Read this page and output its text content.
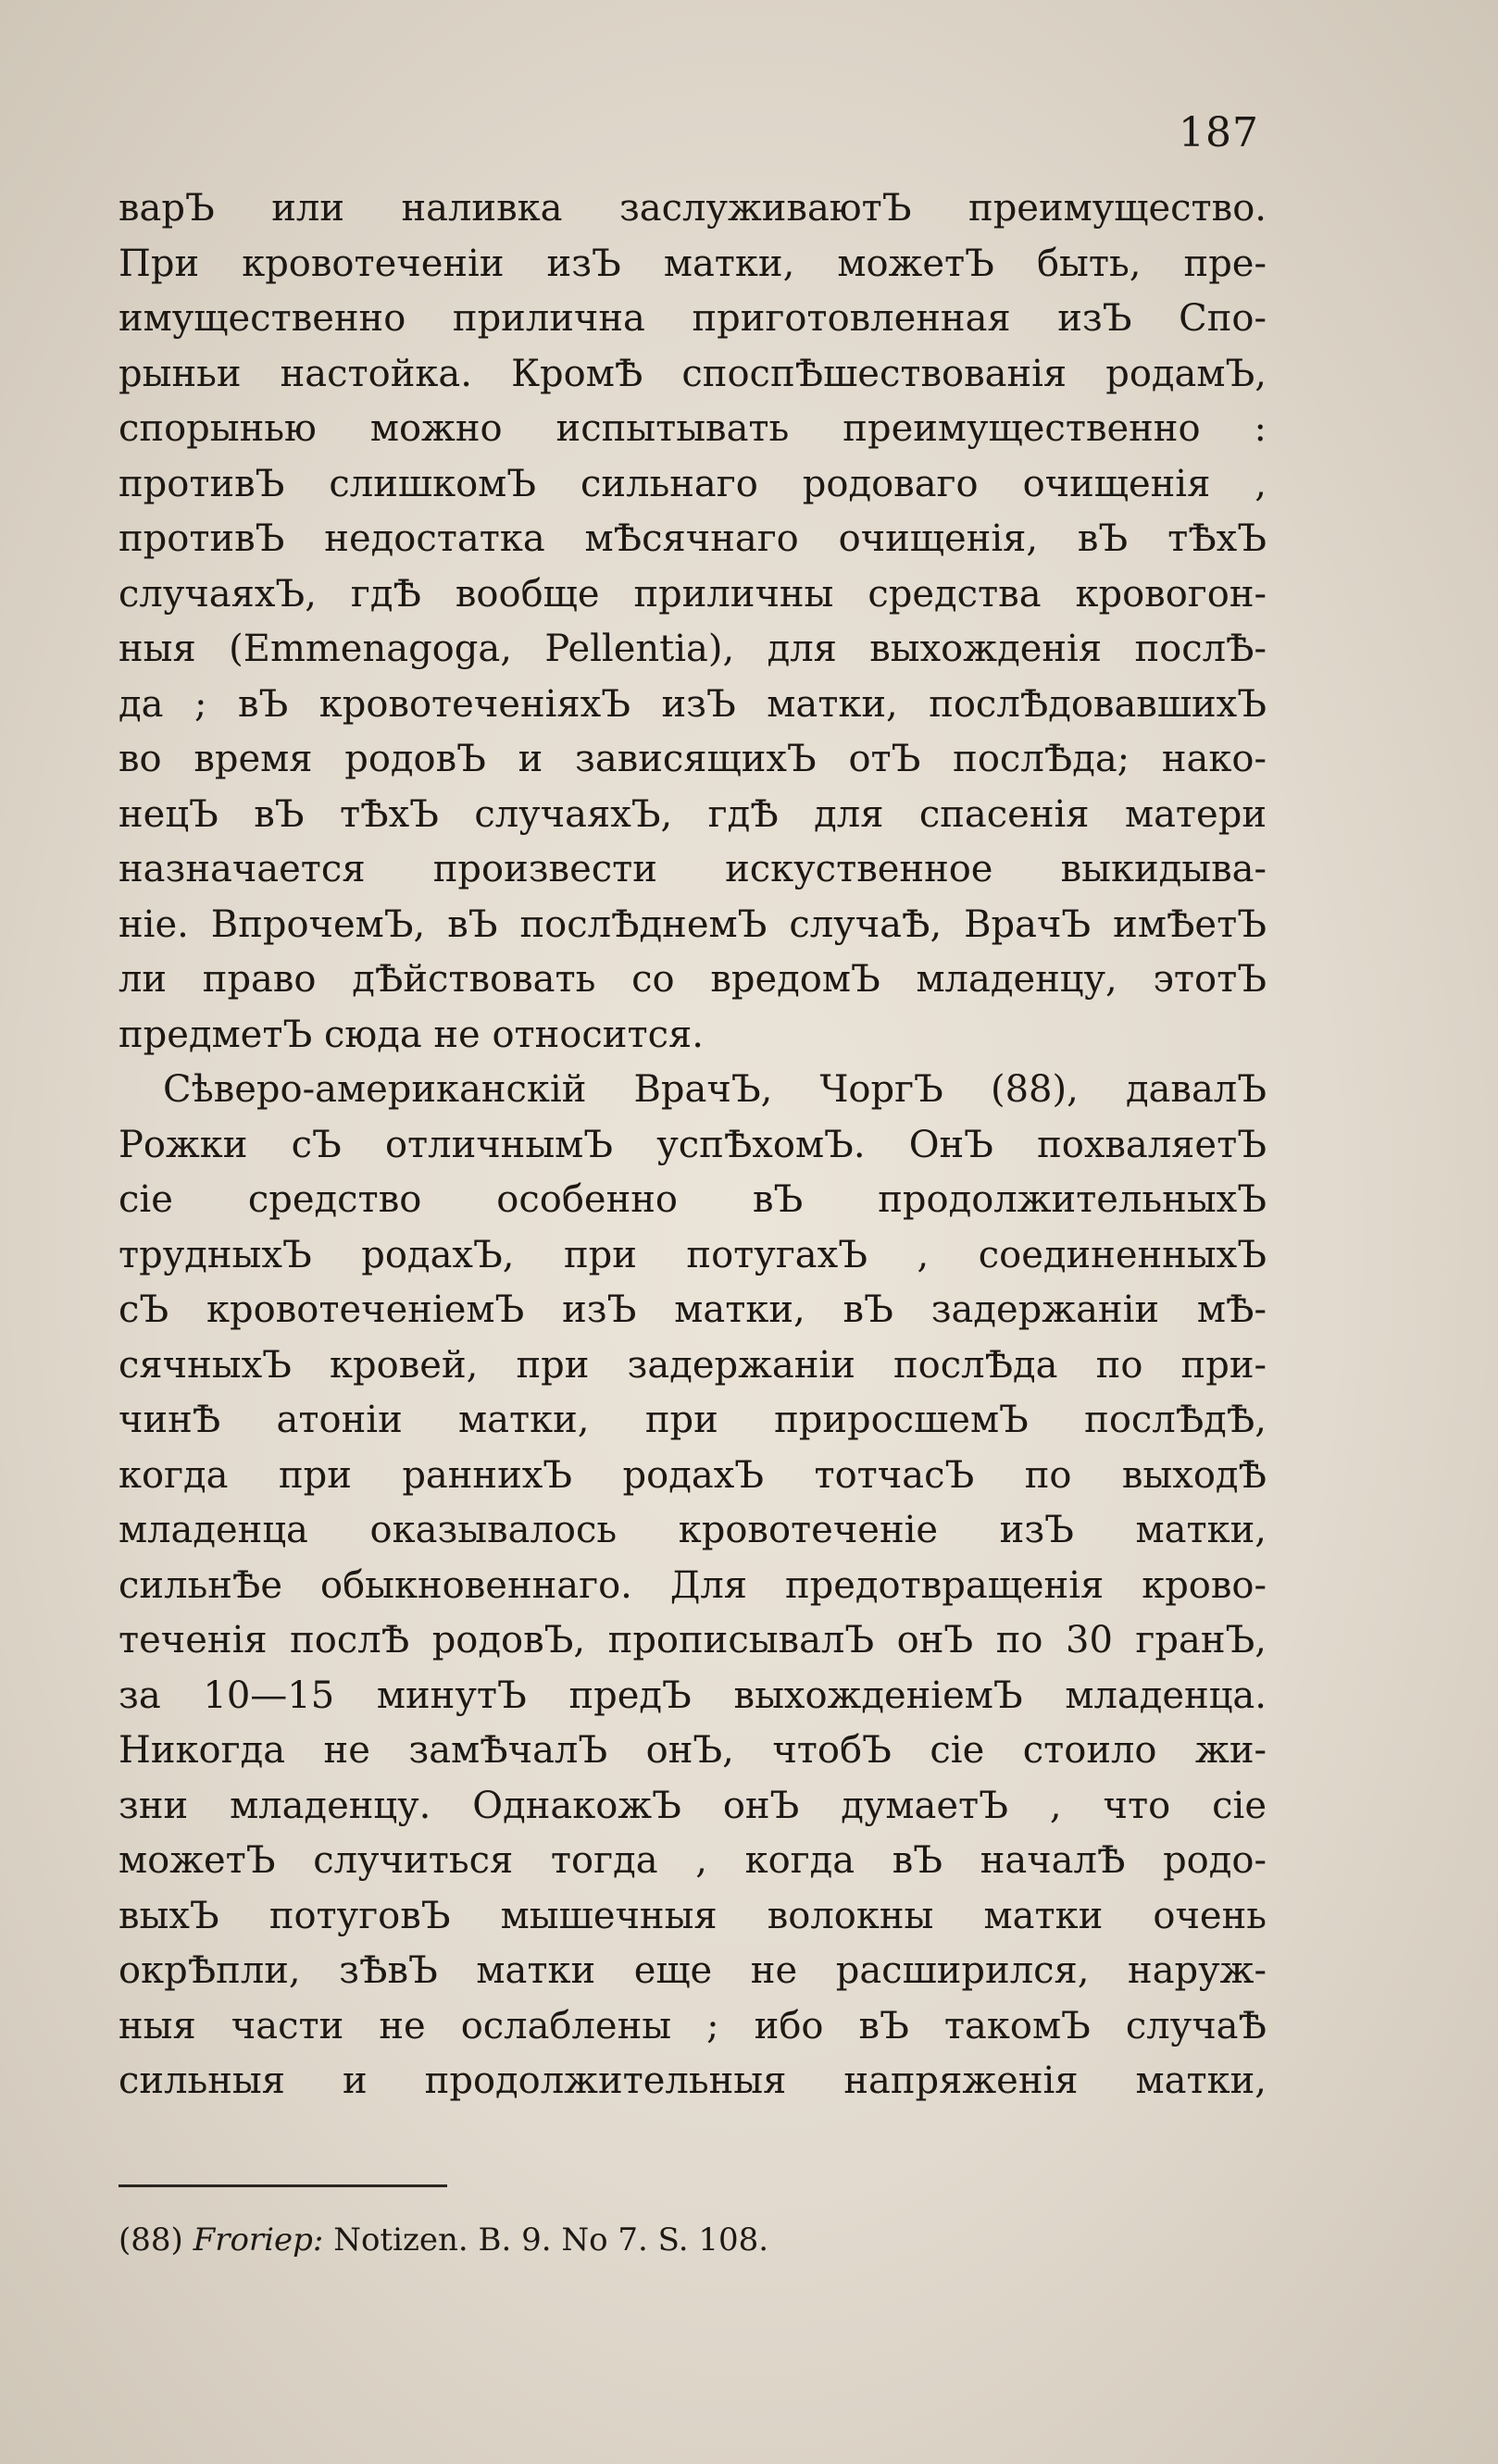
187
варЪ или наливка заслуживаютЪ преимущество.
При кровотеченіи изЪ матки, можетЪ быть, пре-
имущественно прилична приготовленная изЪ Спо-
рыньи настойка. КромѢ споспѢшествованія родамЪ,
спорынью можно испытывать преимущественно :
противЪ слишкомЪ сильнаго родоваго очищенія ,
противЪ недостатка мѢсячнаго очищенія, вЪ тѢхЪ
случаяхЪ, гдѢ вообще приличны средства кровогон-
ныя (Emmenagoga, Pellentia), для выхожденія послѢ-
да ; вЪ кровотеченіяхЪ изЪ матки, послѢдовавшихЪ
во время родовЪ и зависящихЪ отЪ послѢда; нако-
нецЪ вЪ тѢхЪ случаяхЪ, гдѢ для спасенія матери
назначается произвести искуственное выкидыва-
ніе. ВпрочемЪ, вЪ послѢднемЪ случаѢ, ВрачЪ имѢетЪ
ли право дѢйствовать со вредомЪ младенцу, этотЪ
предметЪ сюда не относится.
Сѣверо-американскій ВрачЪ, ЧоргЪ (88), давалЪ
Рожки сЪ отличнымЪ успѢхомЪ. ОнЪ похваляетЪ
сіе средство особенно вЪ продолжительныхЪ
трудныхЪ родахЪ, при потугахЪ , соединенныхЪ
сЪ кровотеченіемЪ изЪ матки, вЪ задержаніи мѢ-
сячныхЪ кровей, при задержаніи послѢда по при-
чинѢ атоніи матки, при приросшемЪ послѢдѢ,
когда при раннихЪ родахЪ тотчасЪ по выходѢ
младенца оказывалось кровотеченіе изЪ матки,
сильнѢе обыкновеннаго. Для предотвращенія крово-
теченія послѢ родовЪ, прописывалЪ онЪ по 30 гранЪ,
за 10—15 минутЪ предЪ выхожденіемЪ младенца.
Никогда не замѢчалЪ онЪ, чтобЪ сіе стоило жи-
зни младенцу. ОднакожЪ онЪ думаетЪ , что сіе
можетЪ случиться тогда , когда вЪ началѢ родо-
выхЪ потуговЪ мышечныя волокны матки очень
окрѢпли, зѢвЪ матки еще не расширился, наруж-
ныя части не ослаблены ; ибо вЪ такомЪ случаѢ
сильныя и продолжительныя напряженія матки,
(88) Froriep: Notizen. B. 9. No 7. S. 108.
